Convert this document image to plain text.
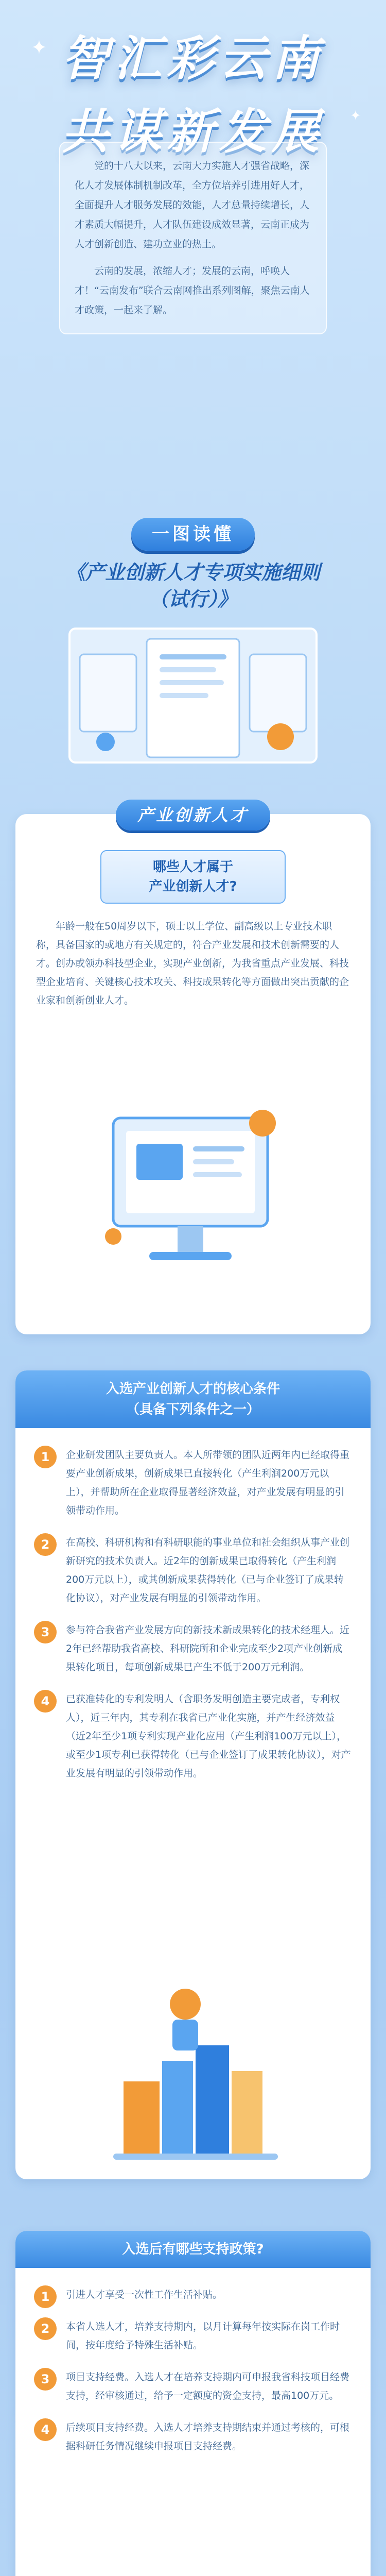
智汇彩云南
共谋新发展
✦
✦

党的十八大以来，云南大力实施人才强省战略，深化人才发展体制机制改革，全方位培养引进用好人才，全面提升人才服务发展的效能，人才总量持续增长，人才素质大幅提升，人才队伍建设成效显著，云南正成为人才创新创造、建功立业的热土。

云南的发展，浓缩人才；发展的云南，呼唤人才！“云南发布”联合云南网推出系列图解，聚焦云南人才政策，一起来了解。

一图读懂
《产业创新人才专项实施细则
（试行）》
产业创新人才
哪些人才属于
产业创新人才?

年龄一般在50周岁以下，硕士以上学位、副高级以上专业技术职称，具备国家的或地方有关规定的，符合产业发展和技术创新需要的人才。创办或领办科技型企业，实现产业创新，为我省重点产业发展、科技型企业培育、关键核心技术攻关、科技成果转化等方面做出突出贡献的企业家和创新创业人才。

入选产业创新人才的核心条件
（具备下列条件之一）
1	企业研发团队主要负责人。本人所带领的团队近两年内已经取得重要产业创新成果，创新成果已直接转化（产生利润200万元以上），并帮助所在企业取得显著经济效益，对产业发展有明显的引领带动作用。

2	在高校、科研机构和有科研职能的事业单位和社会组织从事产业创新研究的技术负责人。近2年的创新成果已取得转化（产生利润200万元以上），或其创新成果获得转化（已与企业签订了成果转化协议），对产业发展有明显的引领带动作用。

3	参与符合我省产业发展方向的新技术新成果转化的技术经理人。近2年已经帮助我省高校、科研院所和企业完成至少2项产业创新成果转化项目，每项创新成果已产生不低于200万元利润。

4	已获准转化的专利发明人（含职务发明创造主要完成者，专利权人），近三年内，其专利在我省已产业化实施，并产生经济效益（近2年至少1项专利实现产业化应用（产生利润100万元以上），或至少1项专利已获得转化（已与企业签订了成果转化协议），对产业发展有明显的引领带动作用。

入选后有哪些支持政策?
1	引进人才享受一次性工作生活补贴。

2	本省人选人才，培养支持期内，以月计算每年按实际在岗工作时间，按年度给予特殊生活补贴。

3	项目支持经费。入选人才在培养支持期内可申报我省科技项目经费支持，经审核通过，给予一定额度的资金支持，最高100万元。

4	后续项目支持经费。入选人才培养支持期结束并通过考核的，可根据科研任务情况继续申报项目支持经费。
